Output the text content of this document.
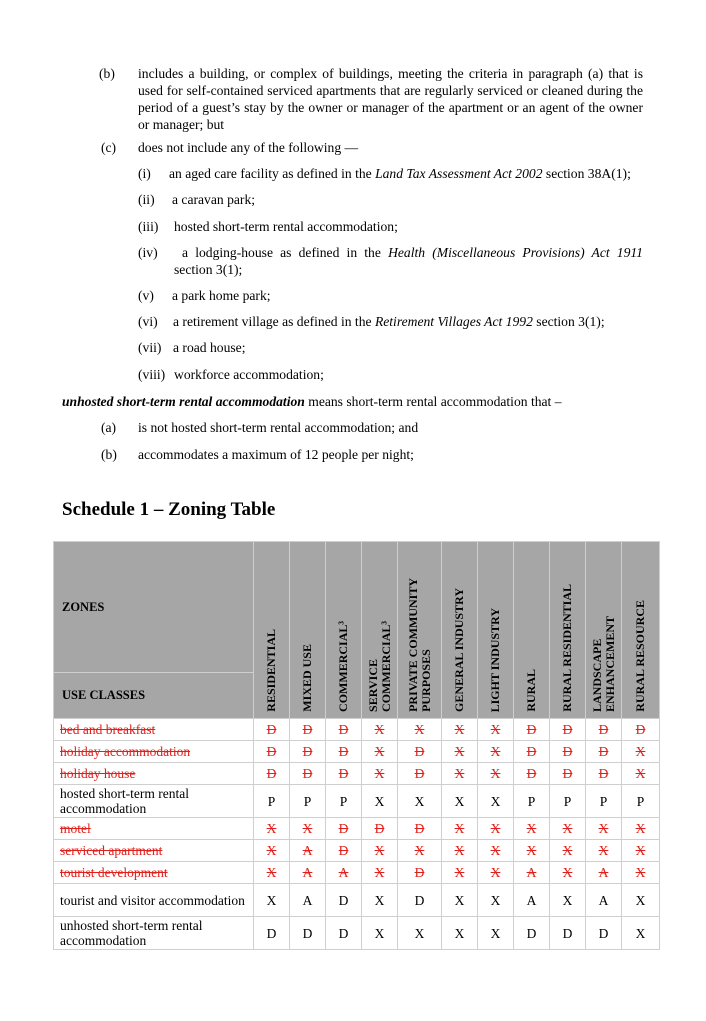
(b) includes a building, or complex of buildings, meeting the criteria in paragraph (a) that is used for self-contained serviced apartments that are regularly serviced or cleaned during the period of a guest’s stay by the owner or manager of the apartment or an agent of the owner or manager; but
(c) does not include any of the following —
(i) an aged care facility as defined in the Land Tax Assessment Act 2002 section 38A(1);
(ii) a caravan park;
(iii) hosted short-term rental accommodation;
(iv)	a lodging-house as defined in the Health (Miscellaneous Provisions) Act 1911 section 3(1);
(v) a park home park;
(vi) a retirement village as defined in the Retirement Villages Act 1992 section 3(1);
(vii) a road house;
(viii) workforce accommodation;
unhosted short-term rental accommodation means short-term rental accommodation that –
(a) is not hosted short-term rental accommodation; and
(b) accommodates a maximum of 12 people per night;
Schedule 1 – Zoning Table
ZONES	RESIDENTIAL	MIXED USE	COMMERCIAL³	SERVICE
COMMERCIAL³	PRIVATE COMMUNITY
PURPOSES	GENERAL INDUSTRY	LIGHT INDUSTRY	RURAL	RURAL RESIDENTIAL	LANDSCAPE
ENHANCEMENT	RURAL RESOURCE

USE CLASSES											
bed and breakfast	D	D	D	X	X	X	X	D	D	D	D
holiday accommodation	D	D	D	X	D	X	X	D	D	D	X
holiday house	D	D	D	X	D	X	X	D	D	D	X
hosted short-term rental accommodation	P	P	P	X	X	X	X	P	P	P	P
motel	X	X	D	D	D	X	X	X	X	X	X
serviced apartment	X	A	D	X	X	X	X	X	X	X	X
tourist development	X	A	A	X	D	X	X	A	X	A	X
tourist and visitor accommodation	X	A	D	X	D	X	X	A	X	A	X
unhosted short-term rental accommodation	D	D	D	X	X	X	X	D	D	D	X
